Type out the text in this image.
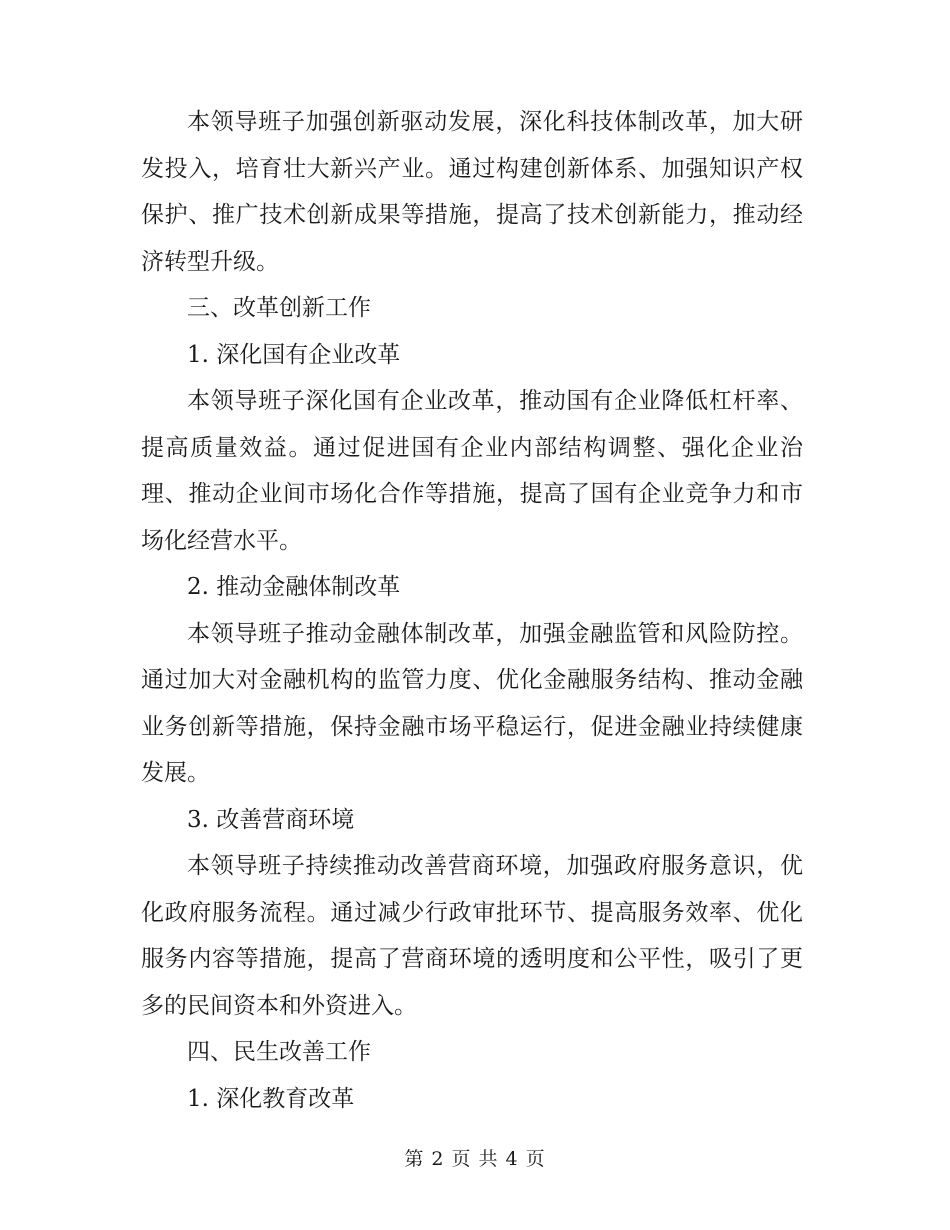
本领导班子加强创新驱动发展，深化科技体制改革，加大研发投入，培育壮大新兴产业。通过构建创新体系、加强知识产权保护、推广技术创新成果等措施，提高了技术创新能力，推动经济转型升级。

三、改革创新工作

1. 深化国有企业改革

本领导班子深化国有企业改革，推动国有企业降低杠杆率、提高质量效益。通过促进国有企业内部结构调整、强化企业治理、推动企业间市场化合作等措施，提高了国有企业竞争力和市场化经营水平。

2. 推动金融体制改革

本领导班子推动金融体制改革，加强金融监管和风险防控。通过加大对金融机构的监管力度、优化金融服务结构、推动金融业务创新等措施，保持金融市场平稳运行，促进金融业持续健康发展。

3. 改善营商环境

本领导班子持续推动改善营商环境，加强政府服务意识，优化政府服务流程。通过减少行政审批环节、提高服务效率、优化服务内容等措施，提高了营商环境的透明度和公平性，吸引了更多的民间资本和外资进入。

四、民生改善工作

1. 深化教育改革

第 2 页 共 4 页
